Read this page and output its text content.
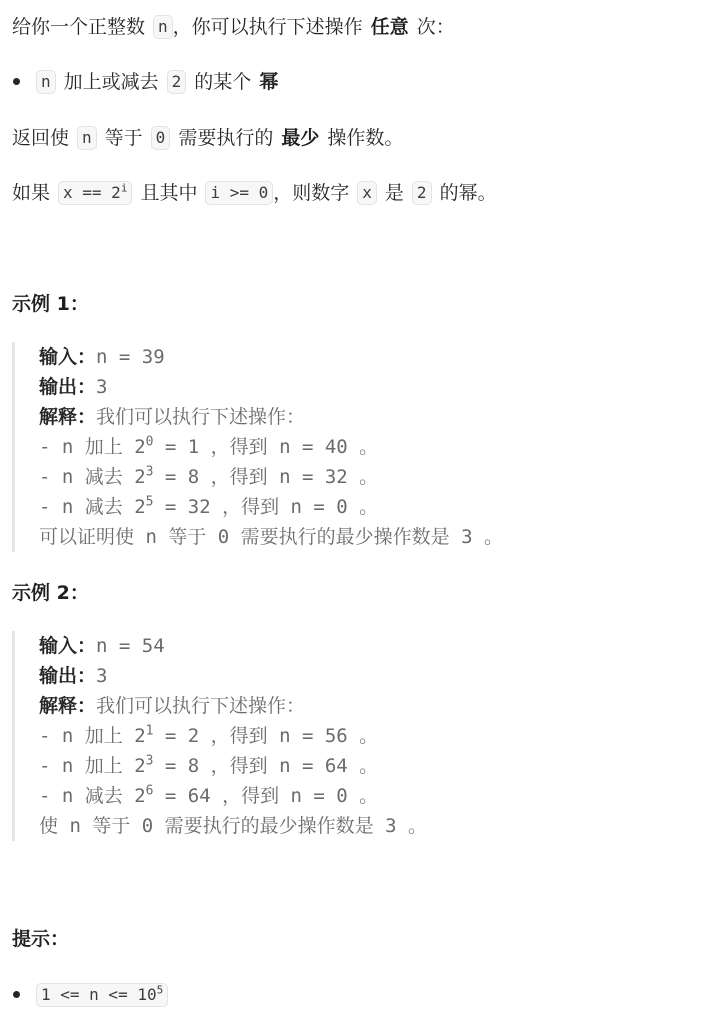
给你一个正整数 n ，你可以执行下述操作 任意 次：
n 加上或减去 2 的某个 幂
返回使 n 等于 0 需要执行的 最少 操作数。
如果 $x == 2^i$ 且其中 i >= 0 ，则数字 x 是 2 的幂。
示例 1：
输入：n = 39
输出：3
解释：我们可以执行下述操作：
- n 加上 $2^0 = 1$ ，得到 n = 40 。
- n 减去 $2^3 = 8$ ，得到 n = 32 。
- n 减去 $2^5 = 32$ ，得到 n = 0 。
可以证明使 n 等于 0 需要执行的最少操作数是 3 。
示例 2：
输入：n = 54
输出：3
解释：我们可以执行下述操作：
- n 加上 $2^1 = 2$ ，得到 n = 56 。
- n 加上 $2^3 = 8$ ，得到 n = 64 。
- n 减去 $2^6 = 64$ ，得到 n = 0 。
使 n 等于 0 需要执行的最少操作数是 3 。
提示：
$1 <= n <= 10^5$
